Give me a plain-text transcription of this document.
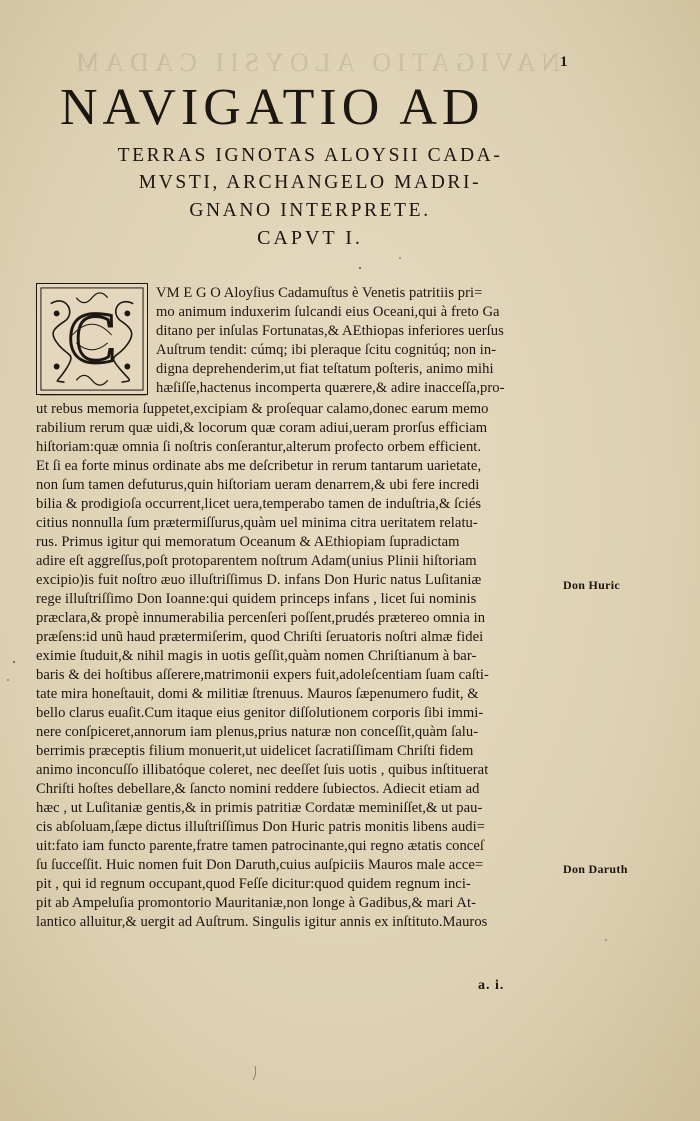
NAVIGATIO ALOYSII CADAM 1
NAVIGATIO AD
TERRAS IGNOTAS ALOYSII CADA-
MVSTI, ARCHANGELO MADRI-
GNANO INTERPRETE.
CAPVT I.
C
VM E G O Aloyſius Cadamuſtus è Venetis patritiis pri=
mo animum induxerim ſulcandi eius Oceani,qui à freto Ga
ditano per inſulas Fortunatas,& AEthiopas inferiores uerſus
Auſtrum tendit: cúmq; ibi pleraque ſcitu cognitúq; non in-
digna deprehenderim,ut fiat teſtatum poſteris, animo mihi
hæſiſſe,hactenus incomperta quærere,& adire inacceſſa,pro-
ut rebus memoria ſuppetet,excipiam & proſequar calamo,donec earum memo
rabilium rerum quæ uidi,& locorum quæ coram adiui,ueram prorſus efficiam
hiſtoriam:quæ omnia ſi noſtris conſerantur,alterum profecto orbem efficient.
Et ſi ea forte minus ordinate abs me deſcribetur in rerum tantarum uarietate,
non ſum tamen defuturus,quin hiſtoriam ueram denarrem,& ubi fere incredi
bilia & prodigioſa occurrent,licet uera,temperabo tamen de induſtria,& ſciés
citius nonnulla ſum prætermiſſurus,quàm uel minima citra ueritatem relatu-
rus. Primus igitur qui memoratum Oceanum & AEthiopiam ſupradictam
adire eſt aggreſſus,poſt protoparentem noſtrum Adam(unius Plinii hiſtoriam
excipio)is fuit noſtro æuo illuſtriſſimus D. infans Don Huric natus Luſitaniæ
rege illuſtriſſimo Don Ioanne:qui quidem princeps infans , licet ſui nominis
præclara,& propè innumerabilia percenſeri poſſent,prudés prætereo omnia in
præſens:id unũ haud prætermiſerim, quod Chriſti ſeruatoris noſtri almæ fidei
eximie ſtuduit,& nihil magis in uotis geſſit,quàm nomen Chriſtianum à bar-
baris & dei hoſtibus aſſerere,matrimonii expers fuit,adoleſcentiam ſuam caſti-
tate mira honeſtauit, domi & militiæ ſtrenuus. Mauros ſæpenumero fudit, &
bello clarus euaſit.Cum itaque eius genitor diſſolutionem corporis ſibi immi-
nere conſpiceret,annorum iam plenus,prius naturæ non conceſſit,quàm ſalu-
berrimis præceptis filium monuerit,ut uidelicet ſacratiſſimam Chriſti fidem
animo inconcuſſo illibatóque coleret, nec deeſſet ſuis uotis , quibus inſtituerat
Chriſti hoſtes debellare,& ſancto nomini reddere ſubiectos. Adiecit etiam ad
hæc , ut Luſitaniæ gentis,& in primis patritiæ Cordatæ meminiſſet,& ut pau-
cis abſoluam,ſæpe dictus illuſtriſſimus Don Huric patris monitis libens audi=
uit:fato iam functo parente,fratre tamen patrocinante,qui regno ætatis conceſ
ſu ſucceſſit. Huic nomen fuit Don Daruth,cuius auſpiciis Mauros male acce=
pit , qui id regnum occupant,quod Feſſe dicitur:quod quidem regnum inci-
pit ab Ampeluſia promontorio Mauritaniæ,non longe à Gadibus,& mari At-
lantico alluitur,& uergit ad Auſtrum. Singulis igitur annis ex inſtituto.Mauros
Don Huric
Don Daruth
a. i.
